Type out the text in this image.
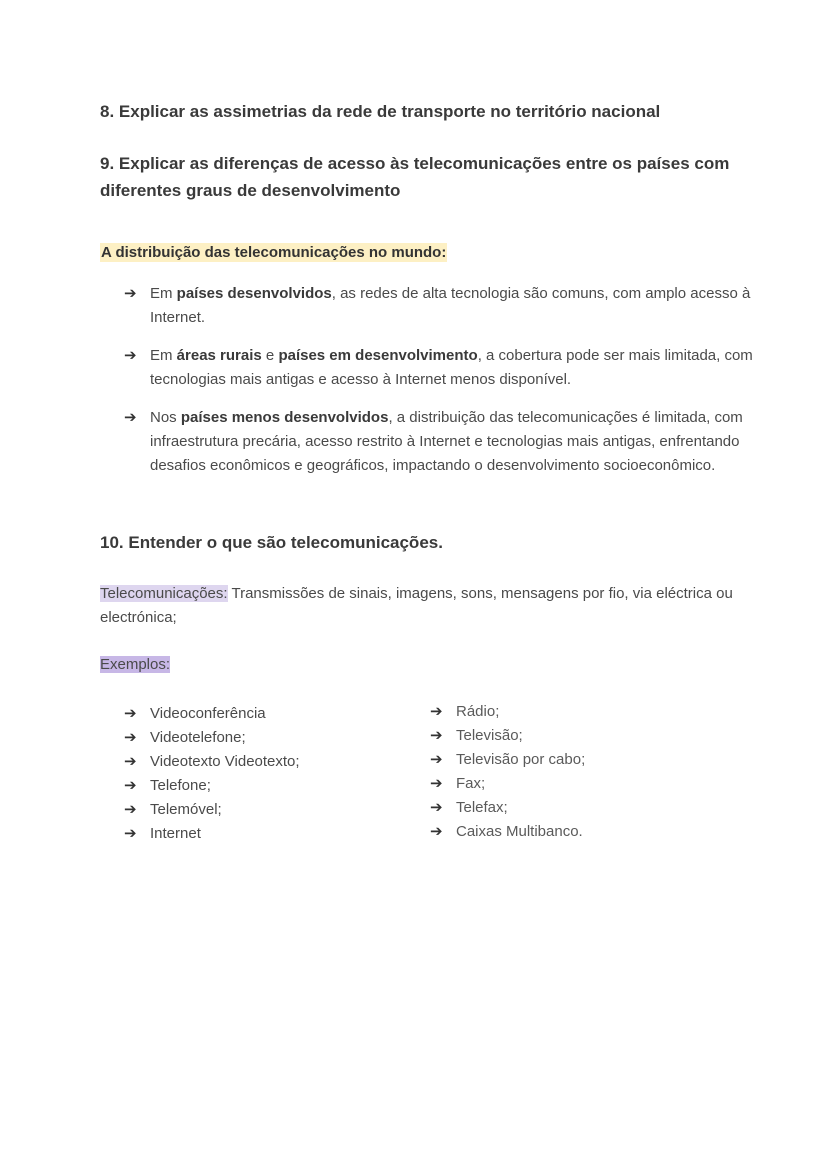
8. Explicar as assimetrias da rede de transporte no território nacional
9. Explicar as diferenças de acesso às telecomunicações entre os países com diferentes graus de desenvolvimento
A distribuição das telecomunicações no mundo:
➔ Em países desenvolvidos, as redes de alta tecnologia são comuns, com amplo acesso à Internet.
➔ Em áreas rurais e países em desenvolvimento, a cobertura pode ser mais limitada, com tecnologias mais antigas e acesso à Internet menos disponível.
➔ Nos países menos desenvolvidos, a distribuição das telecomunicações é limitada, com infraestrutura precária, acesso restrito à Internet e tecnologias mais antigas, enfrentando desafios econômicos e geográficos, impactando o desenvolvimento socioeconômico.
10. Entender o que são telecomunicações.
Telecomunicações: Transmissões de sinais, imagens, sons, mensagens por fio, via eléctrica ou electrónica;
Exemplos:
➔ Videoconferência
➔ Videotelefone;
➔ Videotexto Videotexto;
➔ Telefone;
➔ Telemóvel;
➔ Internet
➔ Rádio;
➔ Televisão;
➔ Televisão por cabo;
➔ Fax;
➔ Telefax;
➔ Caixas Multibanco.
